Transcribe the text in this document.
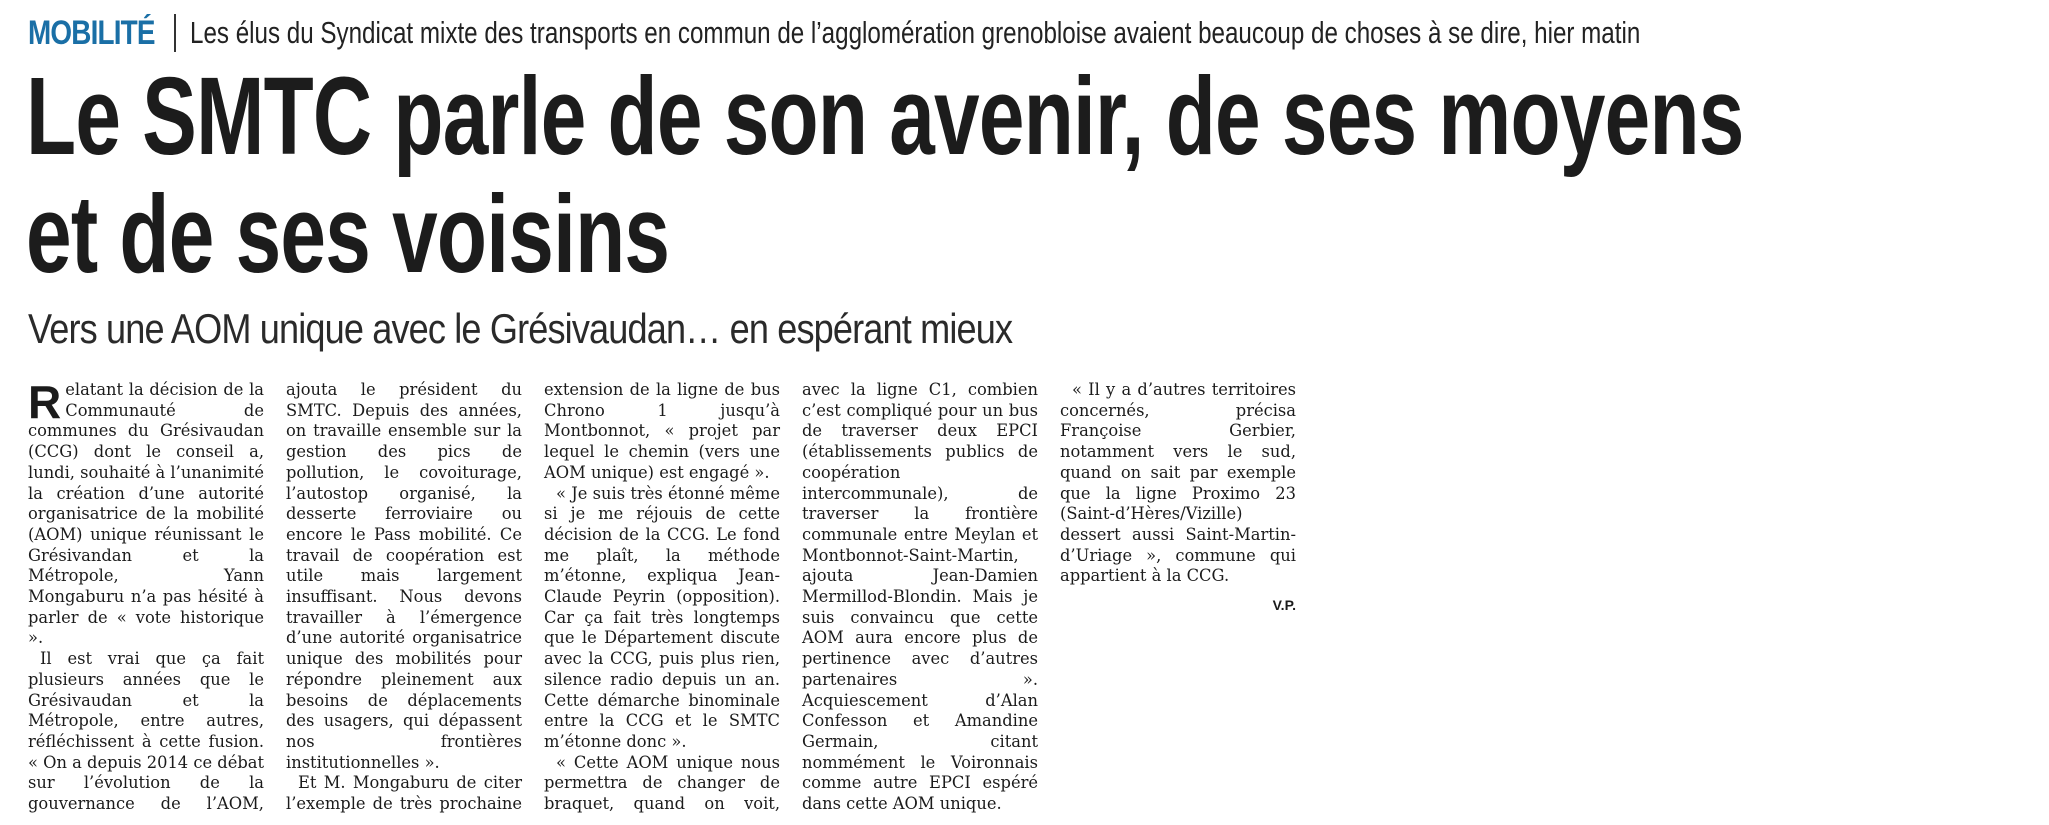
MOBILITÉ Les élus du Syndicat mixte des transports en commun de l’agglomération grenobloise avaient beaucoup de choses à se dire, hier matin
Le SMTC parle de son avenir, de ses moyens et de ses voisins
Vers une AOM unique avec le Grésivaudan… en espérant mieux

Relatant la décision de la Communauté de communes du Grésivaudan (CCG) dont le conseil a, lundi, souhaité à l’unanimité la création d’une autorité organisatrice de la mobilité (AOM) unique réunissant le Grésivandan et la Métropole, Yann Mongaburu n’a pas hésité à parler de « vote historique ».

Il est vrai que ça fait plusieurs années que le Grésivaudan et la Métropole, entre autres, réfléchissent à cette fusion. « On a depuis 2014 ce débat sur l’évolution de la gouvernance de l’AOM, ajouta le président du SMTC. Depuis des années, on travaille ensemble sur la gestion des pics de pollution, le covoiturage, l’autostop organisé, la desserte ferroviaire ou encore le Pass mobilité. Ce travail de coopération est utile mais largement insuffisant. Nous devons travailler à l’émergence d’une autorité organisatrice unique des mobilités pour répondre pleinement aux besoins de déplacements des usagers, qui dépassent nos frontières institutionnelles ».

Et M. Mongaburu de citer l’exemple de très prochaine extension de la ligne de bus Chrono 1 jusqu’à Montbonnot, « projet par lequel le chemin (vers une AOM unique) est engagé ».

« Je suis très étonné même si je me réjouis de cette décision de la CCG. Le fond me plaît, la méthode m’étonne, expliqua Jean-Claude Peyrin (opposition). Car ça fait très longtemps que le Département discute avec la CCG, puis plus rien, silence radio depuis un an. Cette démarche binominale entre la CCG et le SMTC m’étonne donc ».

« Cette AOM unique nous permettra de changer de braquet, quand on voit, avec la ligne C1, combien c’est compliqué pour un bus de traverser deux EPCI (établissements publics de coopération intercommunale), de traverser la frontière communale entre Meylan et Montbonnot-Saint-Martin, ajouta Jean-Damien Mermillod-Blondin. Mais je suis convaincu que cette AOM aura encore plus de pertinence avec d’autres partenaires ». Acquiescement d’Alan Confesson et Amandine Germain, citant nommément le Voironnais comme autre EPCI espéré dans cette AOM unique.

« Il y a d’autres territoires concernés, précisa Françoise Gerbier, notamment vers le sud, quand on sait par exemple que la ligne Proximo 23 (Saint-d’Hères/Vizille) dessert aussi Saint-Martin-d’Uriage », commune qui appartient à la CCG.

V.P.
